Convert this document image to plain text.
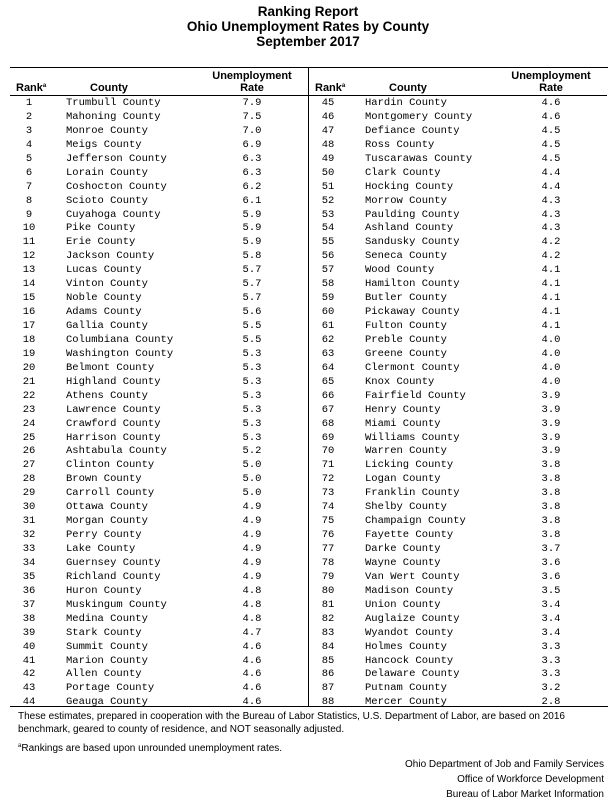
Ranking Report
Ohio Unemployment Rates by County
September 2017
Rank$^a$	County
Unemployment
Rate
1	Trumbull County	7.9
2	Mahoning County	7.5
3	Monroe County	7.0
4	Meigs County	6.9
5	Jefferson County	6.3
6	Lorain County	6.3
7	Coshocton County	6.2
8	Scioto County	6.1
9	Cuyahoga County	5.9
10	Pike County	5.9
11	Erie County	5.9
12	Jackson County	5.8
13	Lucas County	5.7
14	Vinton County	5.7
15	Noble County	5.7
16	Adams County	5.6
17	Gallia County	5.5
18	Columbiana County	5.5
19	Washington County	5.3
20	Belmont County	5.3
21	Highland County	5.3
22	Athens County	5.3
23	Lawrence County	5.3
24	Crawford County	5.3
25	Harrison County	5.3
26	Ashtabula County	5.2
27	Clinton County	5.0
28	Brown County	5.0
29	Carroll County	5.0
30	Ottawa County	4.9
31	Morgan County	4.9
32	Perry County	4.9
33	Lake County	4.9
34	Guernsey County	4.9
35	Richland County	4.9
36	Huron County	4.8
37	Muskingum County	4.8
38	Medina County	4.8
39	Stark County	4.7
40	Summit County	4.6
41	Marion County	4.6
42	Allen County	4.6
43	Portage County	4.6
44	Geauga County	4.6
Rank$^a$	County
Unemployment
Rate
45	Hardin County	4.6
46	Montgomery County	4.6
47	Defiance County	4.5
48	Ross County	4.5
49	Tuscarawas County	4.5
50	Clark County	4.4
51	Hocking County	4.4
52	Morrow County	4.3
53	Paulding County	4.3
54	Ashland County	4.3
55	Sandusky County	4.2
56	Seneca County	4.2
57	Wood County	4.1
58	Hamilton County	4.1
59	Butler County	4.1
60	Pickaway County	4.1
61	Fulton County	4.1
62	Preble County	4.0
63	Greene County	4.0
64	Clermont County	4.0
65	Knox County	4.0
66	Fairfield County	3.9
67	Henry County	3.9
68	Miami County	3.9
69	Williams County	3.9
70	Warren County	3.9
71	Licking County	3.8
72	Logan County	3.8
73	Franklin County	3.8
74	Shelby County	3.8
75	Champaign County	3.8
76	Fayette County	3.8
77	Darke County	3.7
78	Wayne County	3.6
79	Van Wert County	3.6
80	Madison County	3.5
81	Union County	3.4
82	Auglaize County	3.4
83	Wyandot County	3.4
84	Holmes County	3.3
85	Hancock County	3.3
86	Delaware County	3.3
87	Putnam County	3.2
88	Mercer County	2.8
These estimates, prepared in cooperation with the Bureau of Labor Statistics, U.S. Department of Labor, are based on 2016 benchmark, geared to county of residence, and NOT seasonally adjusted.
$^a$Rankings are based upon unrounded unemployment rates.
Ohio Department of Job and Family Services
Office of Workforce Development
Bureau of Labor Market Information
